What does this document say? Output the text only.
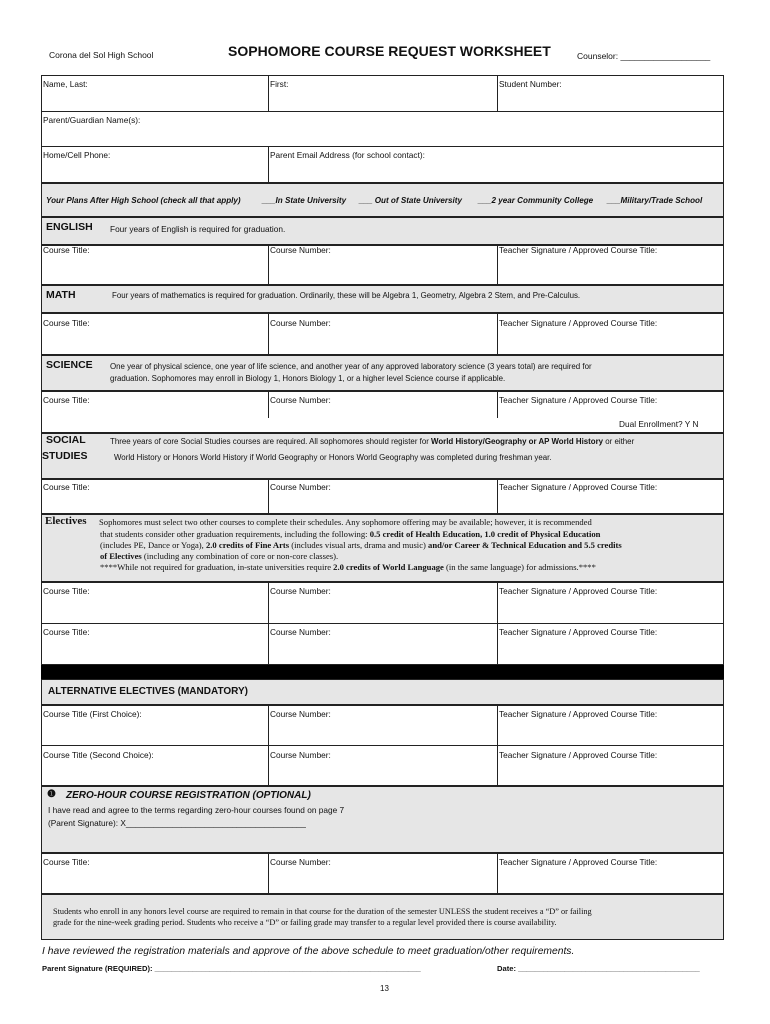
Corona del Sol High School	SOPHOMORE COURSE REQUEST WORKSHEET	Counselor: ___________________
Name, Last:	First:	Student Number:
Parent/Guardian Name(s):
Home/Cell Phone:	Parent Email Address (for school contact):
Your Plans After High School (check all that apply)	___In State University ___ Out of State University ___2 year Community College ___Military/Trade School
ENGLISH Four years of English is required for graduation.
Course Title:	Course Number:	Teacher Signature / Approved Course Title:
MATH	Four years of mathematics is required for graduation. Ordinarily, these will be Algebra 1, Geometry, Algebra 2 Stem, and Pre-Calculus.
Course Title:	Course Number:	Teacher Signature / Approved Course Title:
SCIENCE One year of physical science, one year of life science, and another year of any approved laboratory science (3 years total) are required for
graduation. Sophomores may enroll in Biology 1, Honors Biology 1, or a higher level Science course if applicable.
Course Title:	Course Number:	Teacher Signature / Approved Course Title:
Dual Enrollment? Y N
SOCIAL
STUDIES
Three years of core Social Studies courses are required. All sophomores should register for World History/Geography or AP World History or either
World History or Honors World History if World Geography or Honors World Geography was completed during freshman year.
Course Title:	Course Number:	Teacher Signature / Approved Course Title:
Electives Sophomores must select two other courses to complete their schedules. Any sophomore offering may be available; however, it is recommended
that students consider other graduation requirements, including the following: 0.5 credit of Health Education, 1.0 credit of Physical Education
(includes PE, Dance or Yoga), 2.0 credits of Fine Arts (includes visual arts, drama and music) and/or Career & Technical Education and 5.5 credits
of Electives (including any combination of core or non-core classes).
****While not required for graduation, in-state universities require 2.0 credits of World Language (in the same language) for admissions.****
Course Title:	Course Number:	Teacher Signature / Approved Course Title:
Course Title:	Course Number:	Teacher Signature / Approved Course Title:
ALTERNATIVE ELECTIVES (MANDATORY)
Course Title (First Choice):	Course Number:	Teacher Signature / Approved Course Title:
Course Title (Second Choice):	Course Number:	Teacher Signature / Approved Course Title:
❶ ZERO-HOUR COURSE REGISTRATION (OPTIONAL)
I have read and agree to the terms regarding zero-hour courses found on page 7
(Parent Signature): X_______________________________________
Course Title:	Course Number:	Teacher Signature / Approved Course Title:
Students who enroll in any honors level course are required to remain in that course for the duration of the semester UNLESS the student receives a “D” or failing
grade for the nine-week grading period. Students who receive a “D” or failing grade may transfer to a regular level provided there is course availability.
I have reviewed the registration materials and approve of the above schedule to meet graduation/other requirements.
Parent Signature (REQUIRED): _______________________________________________________________	Date: ___________________________________________
13
